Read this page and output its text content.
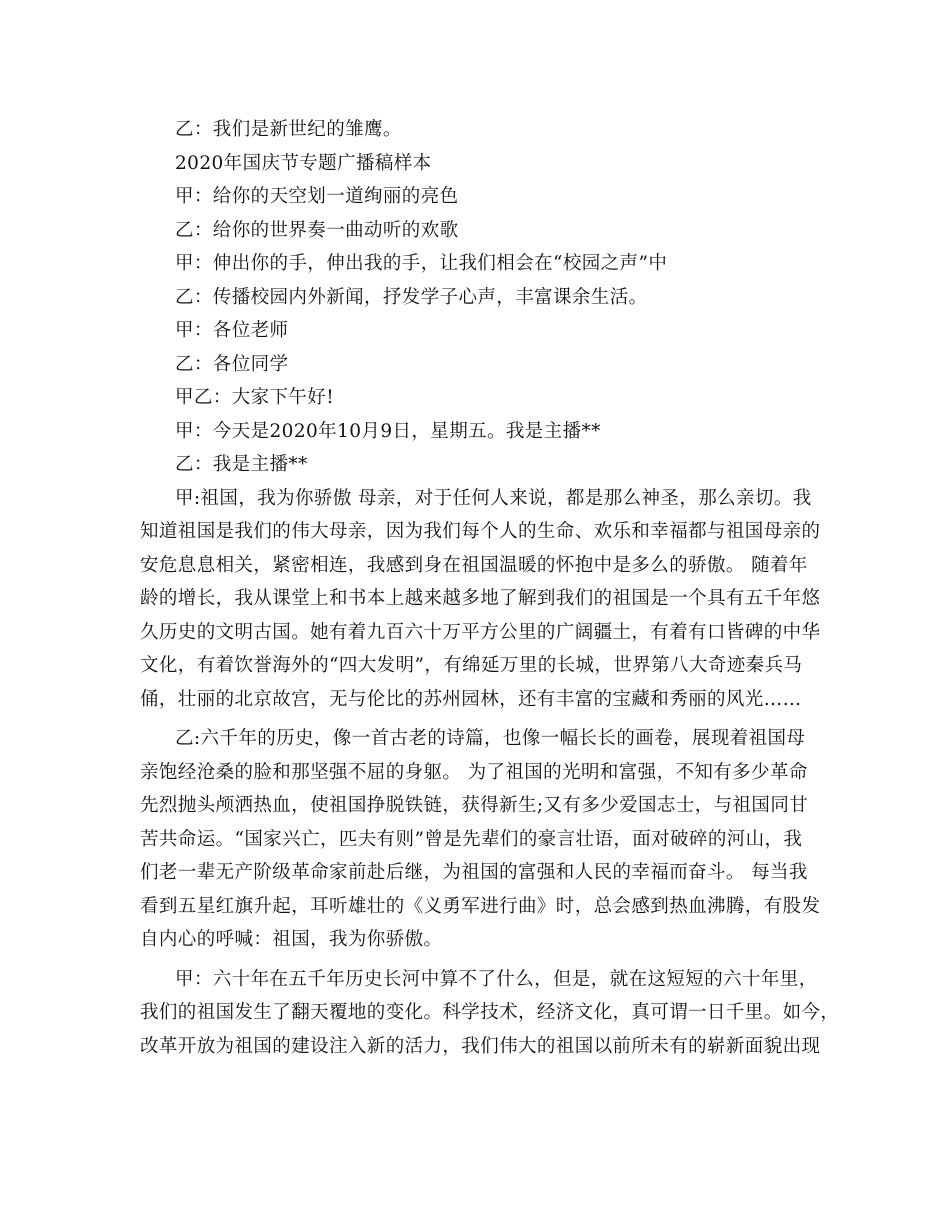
乙：我们是新世纪的雏鹰。
2020年国庆节专题广播稿样本
甲：给你的天空划一道绚丽的亮色
乙：给你的世界奏一曲动听的欢歌
甲：伸出你的手，伸出我的手，让我们相会在“校园之声”中
乙：传播校园内外新闻，抒发学子心声，丰富课余生活。
甲：各位老师
乙：各位同学
甲乙：大家下午好!
甲：今天是2020年10月9日，星期五。我是主播**
乙：我是主播**
甲:祖国，我为你骄傲 母亲，对于任何人来说，都是那么神圣，那么亲切。我
知道祖国是我们的伟大母亲，因为我们每个人的生命、欢乐和幸福都与祖国母亲的
安危息息相关，紧密相连，我感到身在祖国温暖的怀抱中是多么的骄傲。 随着年
龄的增长，我从课堂上和书本上越来越多地了解到我们的祖国是一个具有五千年悠
久历史的文明古国。她有着九百六十万平方公里的广阔疆土，有着有口皆碑的中华
文化，有着饮誉海外的“四大发明”，有绵延万里的长城，世界第八大奇迹秦兵马
俑，壮丽的北京故宫，无与伦比的苏州园林，还有丰富的宝藏和秀丽的风光……
乙:六千年的历史，像一首古老的诗篇，也像一幅长长的画卷，展现着祖国母
亲饱经沧桑的脸和那坚强不屈的身躯。 为了祖国的光明和富强，不知有多少革命
先烈抛头颅洒热血，使祖国挣脱铁链，获得新生;又有多少爱国志士，与祖国同甘
苦共命运。“国家兴亡，匹夫有则”曾是先辈们的豪言壮语，面对破碎的河山，我
们老一辈无产阶级革命家前赴后继，为祖国的富强和人民的幸福而奋斗。 每当我
看到五星红旗升起，耳听雄壮的《义勇军进行曲》时，总会感到热血沸腾，有股发
自内心的呼喊：祖国，我为你骄傲。
甲：六十年在五千年历史长河中算不了什么，但是，就在这短短的六十年里，
我们的祖国发生了翻天覆地的变化。科学技术，经济文化，真可谓一日千里。如今，
改革开放为祖国的建设注入新的活力，我们伟大的祖国以前所未有的崭新面貌出现
